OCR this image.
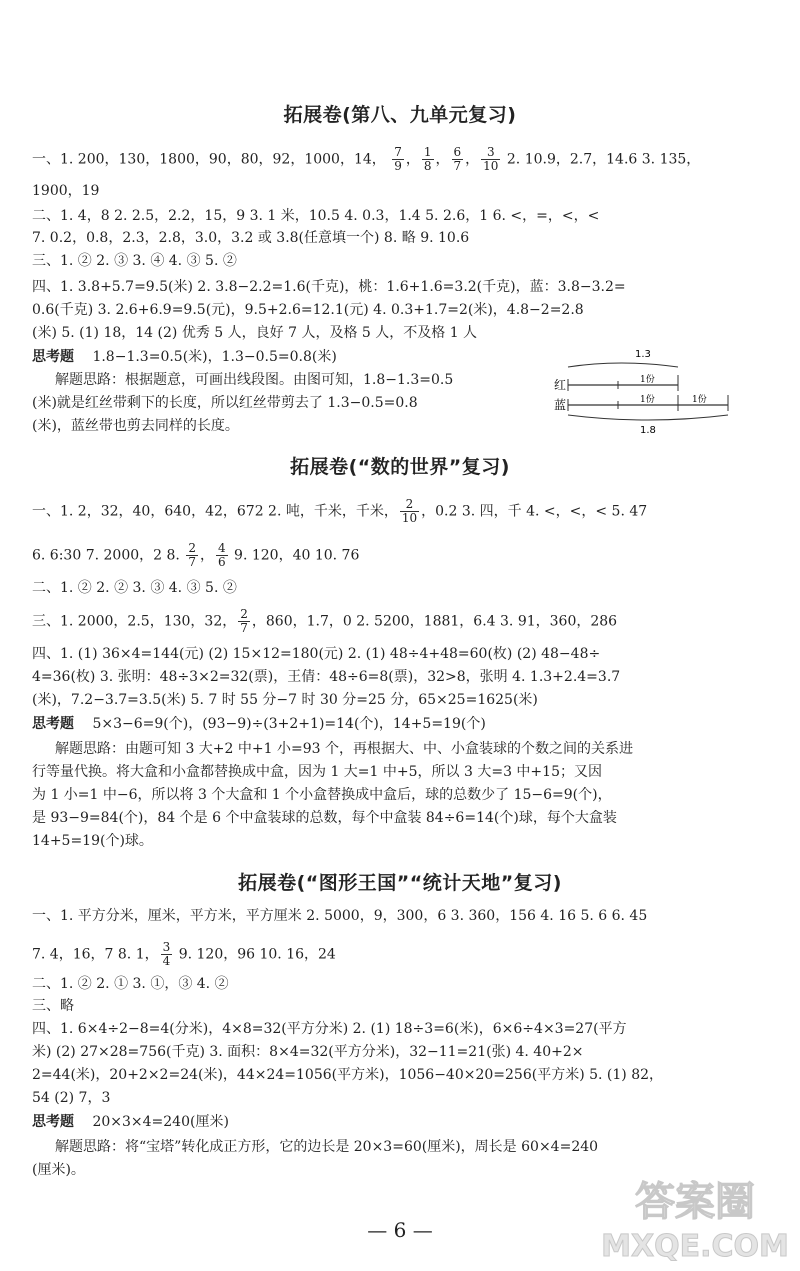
拓展卷(第八、九单元复习)
一、1. 200，130，1800，90，80，92，1000，14， $\frac{7}{9}$ ， $\frac{1}{8}$ ， $\frac{6}{7}$ ， $\frac{3}{10} 2$. 10.9，2.7，14.6 3. 135，
1900，19
二、1. 4，8 2. 2.5，2.2，15，9 3. 1 米，10.5 4. 0.3，1.4 5. 2.6，1 6. <，=，<，<
7. 0.2，0.8，2.3，2.8，3.0，3.2 或 3.8(任意填一个) 8. 略 9. 10.6
三、1. ② 2. ③ 3. ④ 4. ③ 5. ②
四、1. 3.8+5.7=9.5(米) 2. 3.8−2.2=1.6(千克)，桃：1.6+1.6=3.2(千克)，蓝：3.8−3.2=
0.6(千克) 3. 2.6+6.9=9.5(元)，9.5+2.6=12.1(元) 4. 0.3+1.7=2(米)，4.8−2=2.8
(米) 5. (1) 18，14 (2) 优秀 5 人，良好 7 人，及格 5 人，不及格 1 人
思考题 1.8−1.3=0.5(米)，1.3−0.5=0.8(米)
解题思路：根据题意，可画出线段图。由图可知，1.8−1.3=0.5
(米)就是红丝带剩下的长度，所以红丝带剪去了 1.3−0.5=0.8
(米)，蓝丝带也剪去同样的长度。
1.3
红	1份
蓝	1份	1份
1.8
拓展卷(“数的世界”复习)
一、1. 2，32，40，640，42，672 2. 吨，千米，千米， $\frac{2}{10}$ ，0.2 3. 四，千 4. <，<，< 5. 47
6. 6:30 7. 2000，2 8. $\frac{2}{7}$ ， $\frac{4}{6} 9$. 120，40 10. 76
二、1. ② 2. ② 3. ③ 4. ③ 5. ②
三、1. 2000，2.5，130，32， $\frac{2}{7}$ ，860，1.7，0 2. 5200，1881，6.4 3. 91，360，286
四、1. (1) 36×4=144(元) (2) 15×12=180(元) 2. (1) 48÷4+48=60(枚) (2) 48−48÷
4=36(枚) 3. 张明：48÷3×2=32(票)，王倩：48÷6=8(票)，32>8，张明 4. 1.3+2.4=3.7
(米)，7.2−3.7=3.5(米) 5. 7 时 55 分−7 时 30 分=25 分，65×25=1625(米)
思考题 5×3−6=9(个)，(93−9)÷(3+2+1)=14(个)，14+5=19(个)
解题思路：由题可知 3 大+2 中+1 小=93 个，再根据大、中、小盒装球的个数之间的关系进
行等量代换。将大盒和小盒都替换成中盒，因为 1 大=1 中+5，所以 3 大=3 中+15；又因
为 1 小=1 中−6，所以将 3 个大盒和 1 个小盒替换成中盒后，球的总数少了 15−6=9(个)，
是 93−9=84(个)，84 个是 6 个中盒装球的总数，每个中盒装 84÷6=14(个)球，每个大盒装
14+5=19(个)球。
拓展卷(“图形王国”“统计天地”复习)
一、1. 平方分米，厘米，平方米，平方厘米 2. 5000，9，300，6 3. 360，156 4. 16 5. 6 6. 45
7. 4，16，7 8. 1， $\frac{3}{4} 9$. 120，96 10. 16，24
二、1. ② 2. ① 3. ①，③ 4. ②
三、略
四、1. 6×4÷2−8=4(分米)，4×8=32(平方分米) 2. (1) 18÷3=6(米)，6×6÷4×3=27(平方
米) (2) 27×28=756(千克) 3. 面积：8×4=32(平方分米)，32−11=21(张) 4. 40+2×
2=44(米)，20+2×2=24(米)，44×24=1056(平方米)，1056−40×20=256(平方米) 5. (1) 82，
54 (2) 7，3
思考题 20×3×4=240(厘米)
解题思路：将“宝塔”转化成正方形，它的边长是 20×3=60(厘米)，周长是 60×4=240
(厘米)。
— 6 —
答案圈
MXQE.COM
